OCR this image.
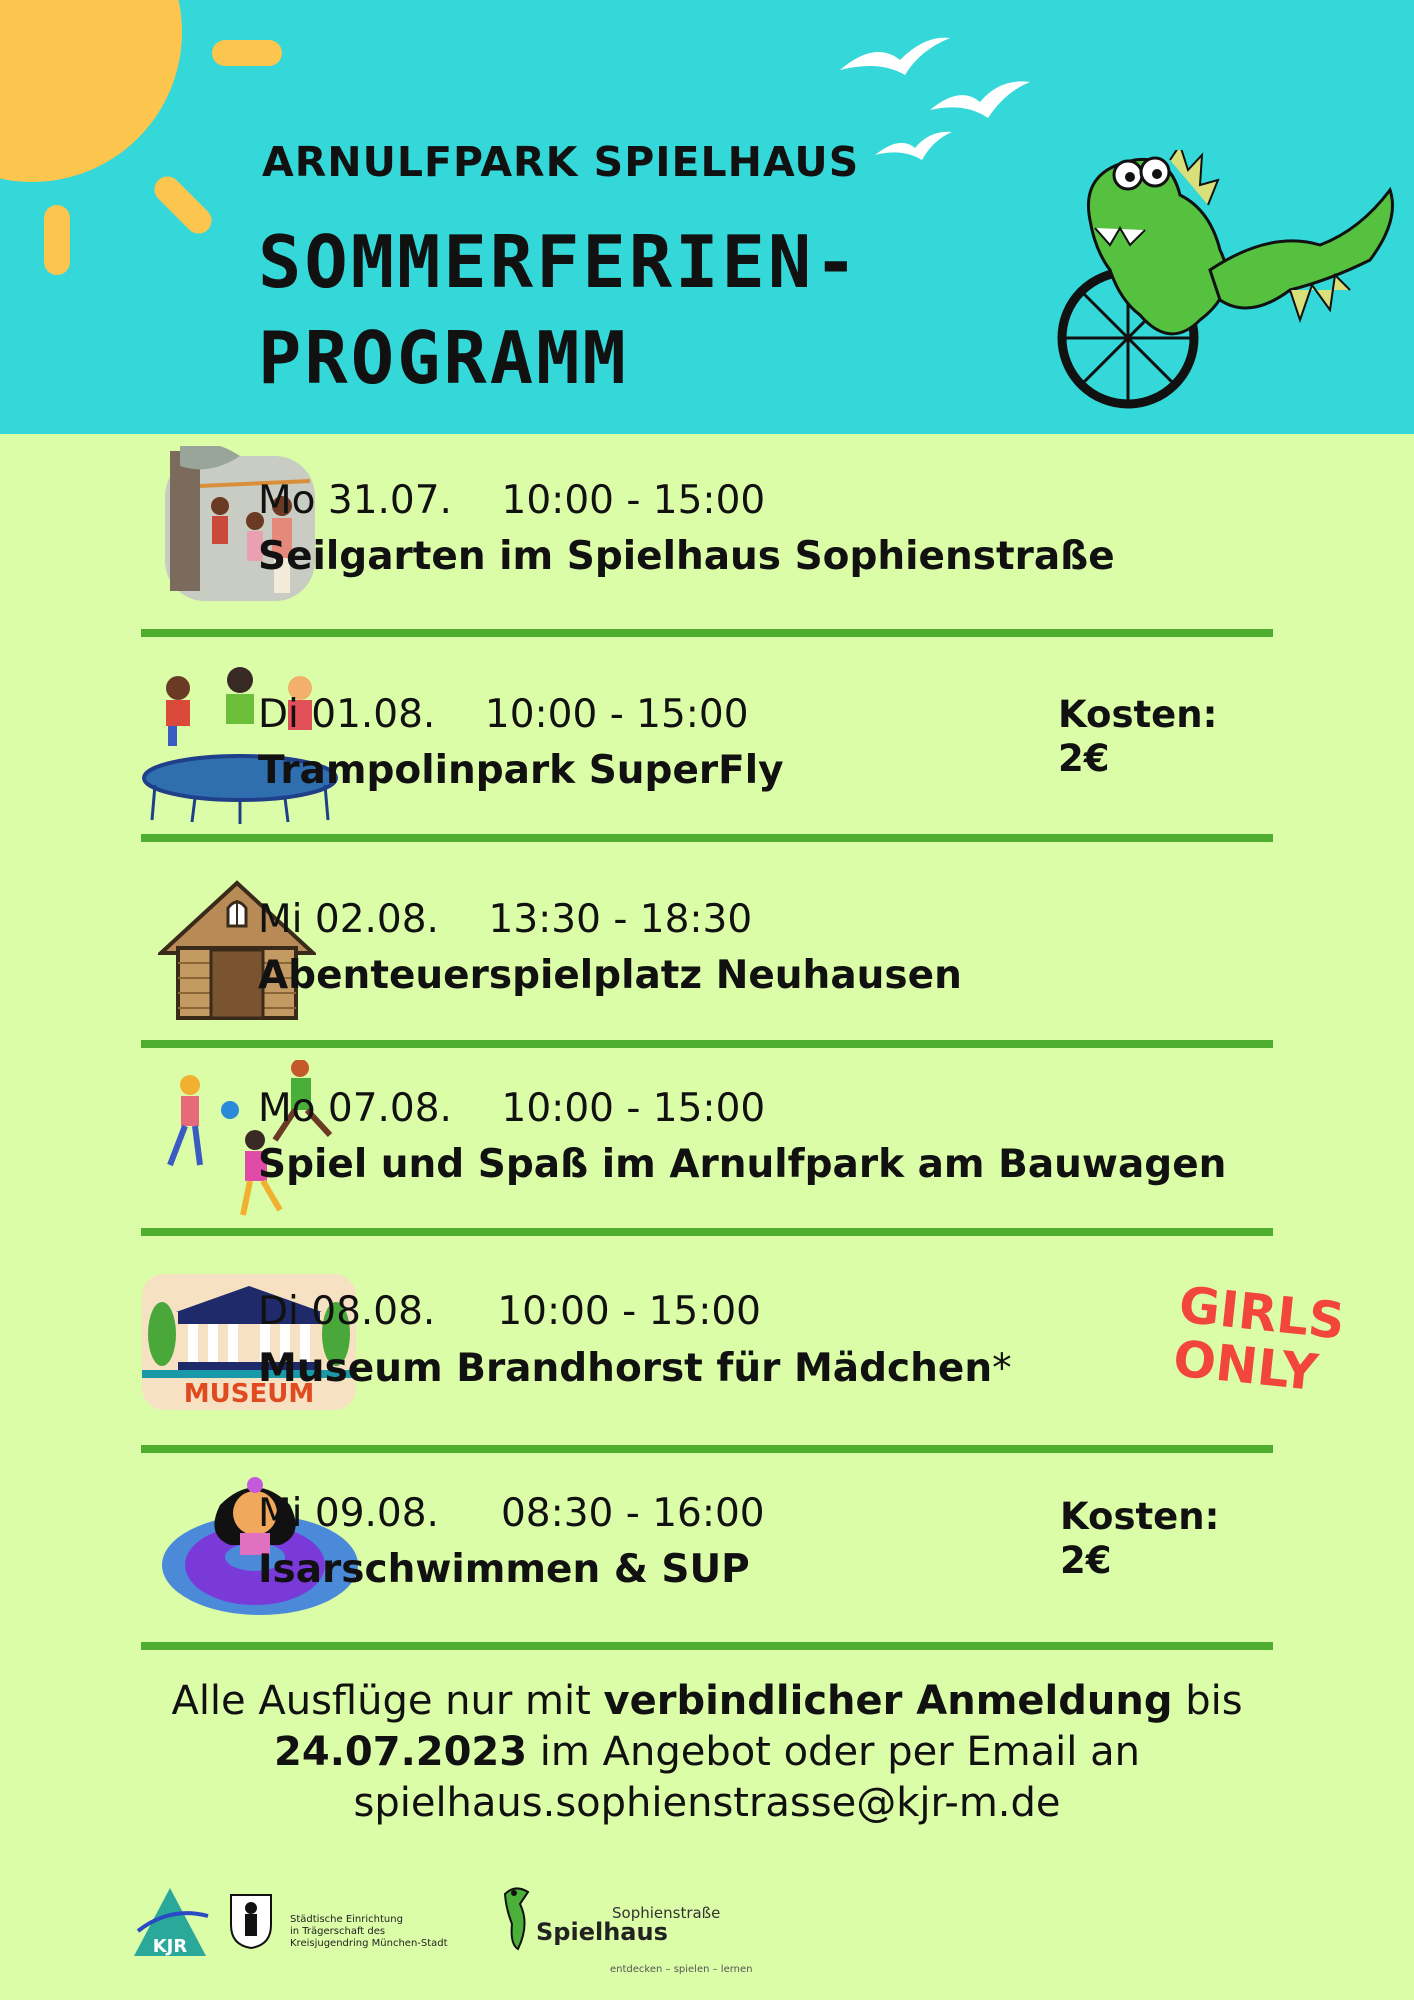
ARNULFPARK SPIELHAUS
SOMMERFERIEN-
PROGRAMM
Mo 31.07. 10:00 - 15:00
Seilgarten im Spielhaus Sophienstraße
Di 01.08. 10:00 - 15:00
Trampolinpark SuperFly
Kosten:
2€
Mi 02.08. 13:30 - 18:30
Abenteuerspielplatz Neuhausen
Mo 07.08. 10:00 - 15:00
Spiel und Spaß im Arnulfpark am Bauwagen
MUSEUM
Di 08.08. 10:00 - 15:00
Museum Brandhorst für Mädchen*
GIRLS
ONLY
Mi 09.08. 08:30 - 16:00
Isarschwimmen & SUP
Kosten:
2€
Alle Ausflüge nur mit verbindlicher Anmeldung bis
24.07.2023 im Angebot oder per Email an
spielhaus.sophienstrasse@kjr-m.de
KJR
Städtische Einrichtung
in Trägerschaft des
Kreisjugendring München-Stadt
Sophienstraße
Spielhaus
entdecken – spielen – lernen
